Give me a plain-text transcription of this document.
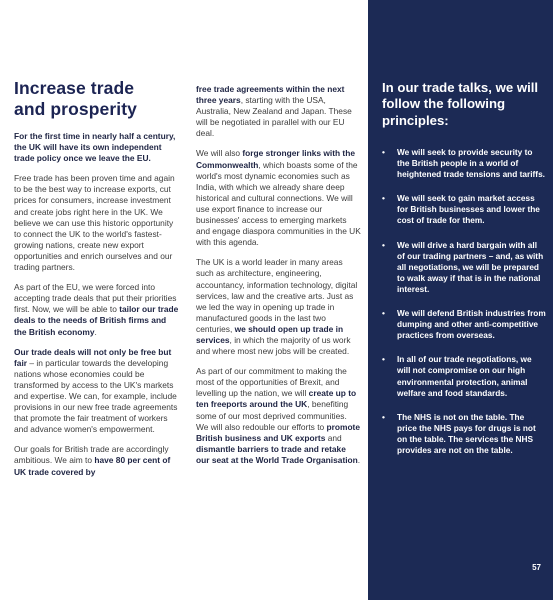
Increase trade
and prosperity

For the first time in nearly half a century, the UK will have its own independent trade policy once we leave the EU.

Free trade has been proven time and again to be the best way to increase exports, cut prices for consumers, increase investment and create jobs right here in the UK. We believe we can use this historic opportunity to connect the UK to the world's fastest-growing nations, create new export opportunities and enrich ourselves and our trading partners.

As part of the EU, we were forced into accepting trade deals that put their priorities first. Now, we will be able to tailor our trade deals to the needs of British firms and the British economy.

Our trade deals will not only be free but fair – in particular towards the developing nations whose economies could be transformed by access to the UK's markets and expertise. We can, for example, include provisions in our new free trade agreements that promote the fair treatment of workers and advance women's empowerment.

Our goals for British trade are accordingly ambitious. We aim to have 80 per cent of UK trade covered by

free trade agreements within the next three years, starting with the USA, Australia, New Zealand and Japan. These will be negotiated in parallel with our EU deal.

We will also forge stronger links with the Commonwealth, which boasts some of the world's most dynamic economies such as India, with which we already share deep historical and cultural connections. We will use export finance to increase our businesses' access to emerging markets and engage diaspora communities in the UK with this agenda.

The UK is a world leader in many areas such as architecture, engineering, accountancy, information technology, digital services, law and the creative arts. Just as we led the way in opening up trade in manufactured goods in the last two centuries, we should open up trade in services, in which the majority of us work and where most new jobs will be created.

As part of our commitment to making the most of the opportunities of Brexit, and levelling up the nation, we will create up to ten freeports around the UK, benefiting some of our most deprived communities. We will also redouble our efforts to promote British business and UK exports and dismantle barriers to trade and retake our seat at the World Trade Organisation.

In our trade talks, we will follow the following principles:
• We will seek to provide security to the British people in a world of heightened trade tensions and tariffs.
• We will seek to gain market access for British businesses and lower the cost of trade for them.
• We will drive a hard bargain with all of our trading partners – and, as with all negotiations, we will be prepared to walk away if that is in the national interest.
• We will defend British industries from dumping and other anti-competitive practices from overseas.
• In all of our trade negotiations, we will not compromise on our high environmental protection, animal welfare and food standards.
• The NHS is not on the table. The price the NHS pays for drugs is not on the table. The services the NHS provides are not on the table.
57
